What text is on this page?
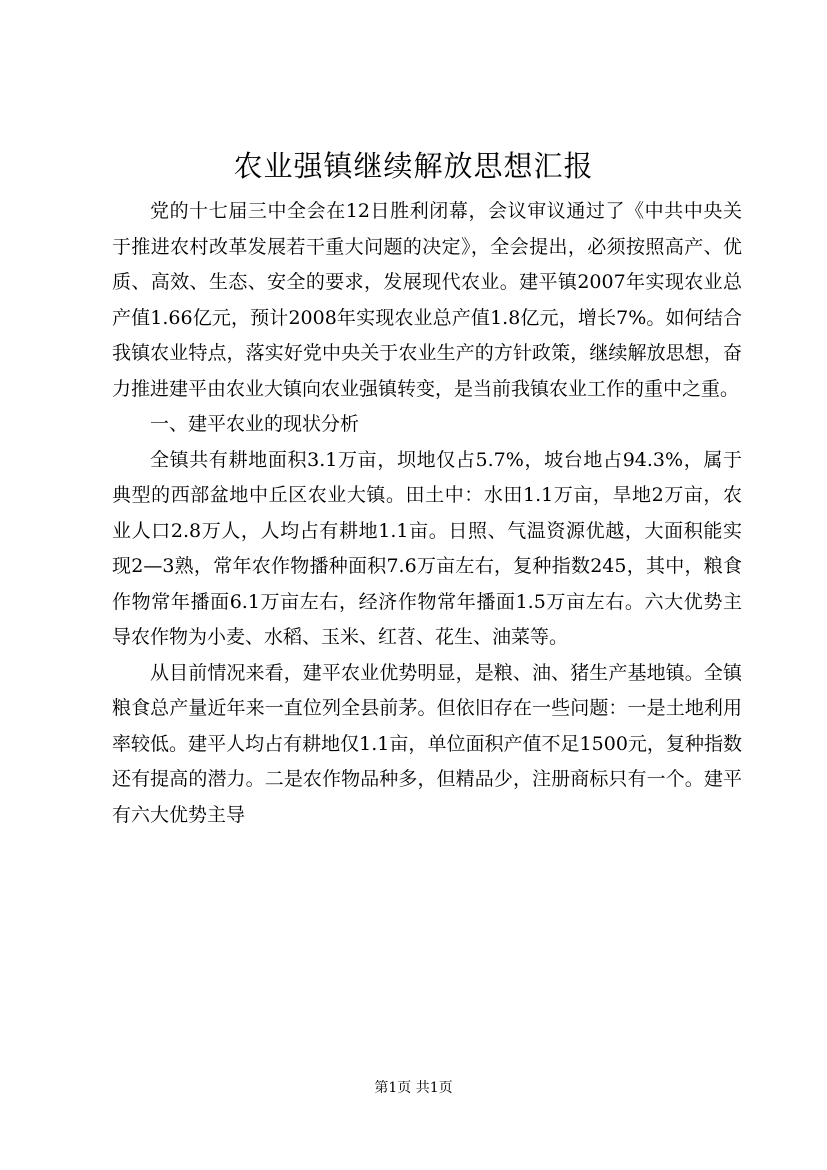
农业强镇继续解放思想汇报

党的十七届三中全会在12日胜利闭幕，会议审议通过了《中共中央关于推进农村改革发展若干重大问题的决定》，全会提出，必须按照高产、优质、高效、生态、安全的要求，发展现代农业。建平镇2007年实现农业总产值1.66亿元，预计2008年实现农业总产值1.8亿元，增长7%。如何结合我镇农业特点，落实好党中央关于农业生产的方针政策，继续解放思想，奋力推进建平由农业大镇向农业强镇转变，是当前我镇农业工作的重中之重。

一、建平农业的现状分析

全镇共有耕地面积3.1万亩，坝地仅占5.7%，坡台地占94.3%，属于典型的西部盆地中丘区农业大镇。田土中：水田1.1万亩，旱地2万亩，农业人口2.8万人，人均占有耕地1.1亩。日照、气温资源优越，大面积能实现2—3熟，常年农作物播种面积7.6万亩左右，复种指数245，其中，粮食作物常年播面6.1万亩左右，经济作物常年播面1.5万亩左右。六大优势主导农作物为小麦、水稻、玉米、红苕、花生、油菜等。

从目前情况来看，建平农业优势明显，是粮、油、猪生产基地镇。全镇粮食总产量近年来一直位列全县前茅。但依旧存在一些问题：一是土地利用率较低。建平人均占有耕地仅1.1亩，单位面积产值不足1500元，复种指数还有提高的潜力。二是农作物品种多，但精品少，注册商标只有一个。建平有六大优势主导

第1页 共1页
